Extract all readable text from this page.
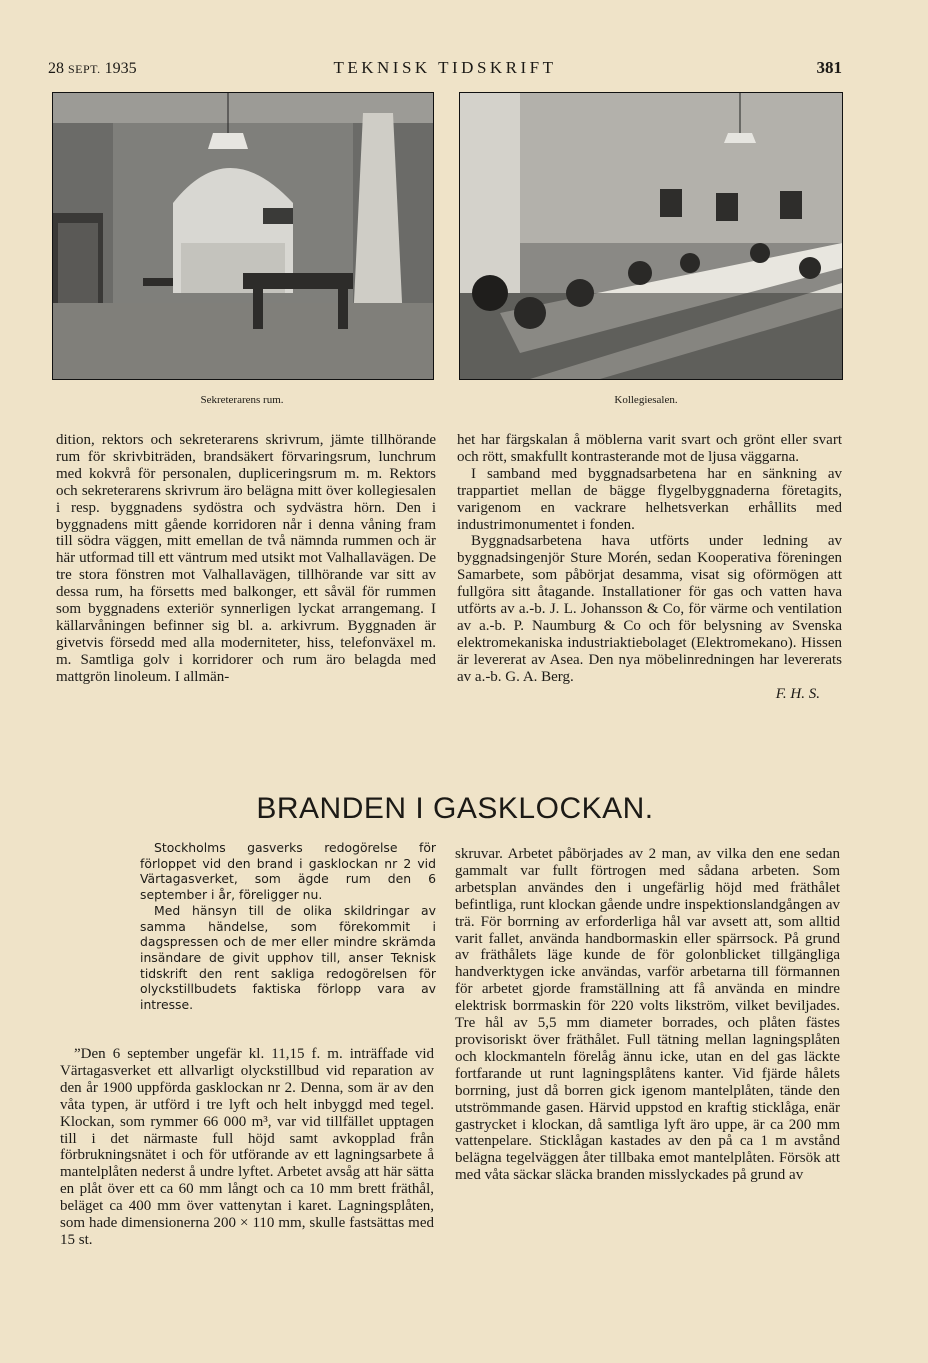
28 SEPT. 1935	TEKNISK TIDSKRIFT	381
Sekreterarens rum.	Kollegiesalen.

dition, rektors och sekreterarens skrivrum, jämte tillhörande rum för skrivbiträden, brandsäkert förvaringsrum, lunchrum med kokvrå för personalen, dupliceringsrum m. m. Rektors och sekreterarens skrivrum äro belägna mitt över kollegiesalen i resp. byggnadens sydöstra och sydvästra hörn. Den i byggnadens mitt gående korridoren når i denna våning fram till södra väggen, mitt emellan de två nämnda rummen och är här utformad till ett väntrum med utsikt mot Valhallavägen. De tre stora fönstren mot Valhallavägen, tillhörande var sitt av dessa rum, ha försetts med balkonger, ett såväl för rummen som byggnadens exteriör synnerligen lyckat arrangemang. I källarvåningen befinner sig bl. a. arkivrum. Byggnaden är givetvis försedd med alla moderniteter, hiss, telefonväxel m. m. Samtliga golv i korridorer och rum äro belagda med mattgrön linoleum. I allmän-

het har färgskalan å möblerna varit svart och grönt eller svart och rött, smakfullt kontrasterande mot de ljusa väggarna.

I samband med byggnadsarbetena har en sänkning av trappartiet mellan de bägge flygelbyggnaderna företagits, varigenom en vackrare helhetsverkan erhållits med industrimonumentet i fonden.

Byggnadsarbetena hava utförts under ledning av byggnadsingenjör Sture Morén, sedan Kooperativa föreningen Samarbete, som påbörjat desamma, visat sig oförmögen att fullgöra sitt åtagande. Installationer för gas och vatten hava utförts av a.-b. J. L. Johansson & Co, för värme och ventilation av a.-b. P. Naumburg & Co och för belysning av Svenska elektromekaniska industriaktiebolaget (Elektromekano). Hissen är levererat av Asea. Den nya möbelinredningen har levererats av a.-b. G. A. Berg.

F. H. S.

BRANDEN I GASKLOCKAN.

Stockholms gasverks redogörelse för förloppet vid den brand i gasklockan nr 2 vid Värtagasverket, som ägde rum den 6 september i år, föreligger nu.

Med hänsyn till de olika skildringar av samma händelse, som förekommit i dagspressen och de mer eller mindre skrämda insändare de givit upphov till, anser Teknisk tidskrift den rent sakliga redogörelsen för olyckstillbudets faktiska förlopp vara av intresse.

”Den 6 september ungefär kl. 11,15 f. m. inträffade vid Värtagasverket ett allvarligt olyckstillbud vid reparation av den år 1900 uppförda gasklockan nr 2. Denna, som är av den våta typen, är utförd i tre lyft och helt inbyggd med tegel. Klockan, som rymmer 66 000 m³, var vid tillfället upptagen till i det närmaste full höjd samt avkopplad från förbrukningsnätet i och för utförande av ett lagningsarbete å mantelplåten nederst å undre lyftet. Arbetet avsåg att här sätta en plåt över ett ca 60 mm långt och ca 10 mm brett fräthål, beläget ca 400 mm över vattenytan i karet. Lagningsplåten, som hade dimensionerna 200 × 110 mm, skulle fastsättas med 15 st.

skruvar. Arbetet påbörjades av 2 man, av vilka den ene sedan gammalt var fullt förtrogen med sådana arbeten. Som arbetsplan användes den i ungefärlig höjd med fräthålet befintliga, runt klockan gående undre inspektionslandgången av trä. För borrning av erforderliga hål var avsett att, som alltid varit fallet, använda handbormaskin eller spärrsock. På grund av fräthålets läge kunde de för golonblicket tillgängliga handverktygen icke användas, varför arbetarna till förmannen för arbetet gjorde framställning att få använda en mindre elektrisk borrmaskin för 220 volts likström, vilket beviljades. Tre hål av 5,5 mm diameter borrades, och plåten fästes provisoriskt över fräthålet. Full tätning mellan lagningsplåten och klockmanteln förelåg ännu icke, utan en del gas läckte fortfarande ut runt lagningsplåtens kanter. Vid fjärde hålets borrning, just då borren gick igenom mantelplåten, tände den utströmmande gasen. Härvid uppstod en kraftig sticklåga, enär gastrycket i klockan, då samtliga lyft äro uppe, är ca 200 mm vattenpelare. Sticklågan kastades av den på ca 1 m avstånd belägna tegelväggen åter tillbaka emot mantelplåten. Försök att med våta säckar släcka branden misslyckades på grund av
